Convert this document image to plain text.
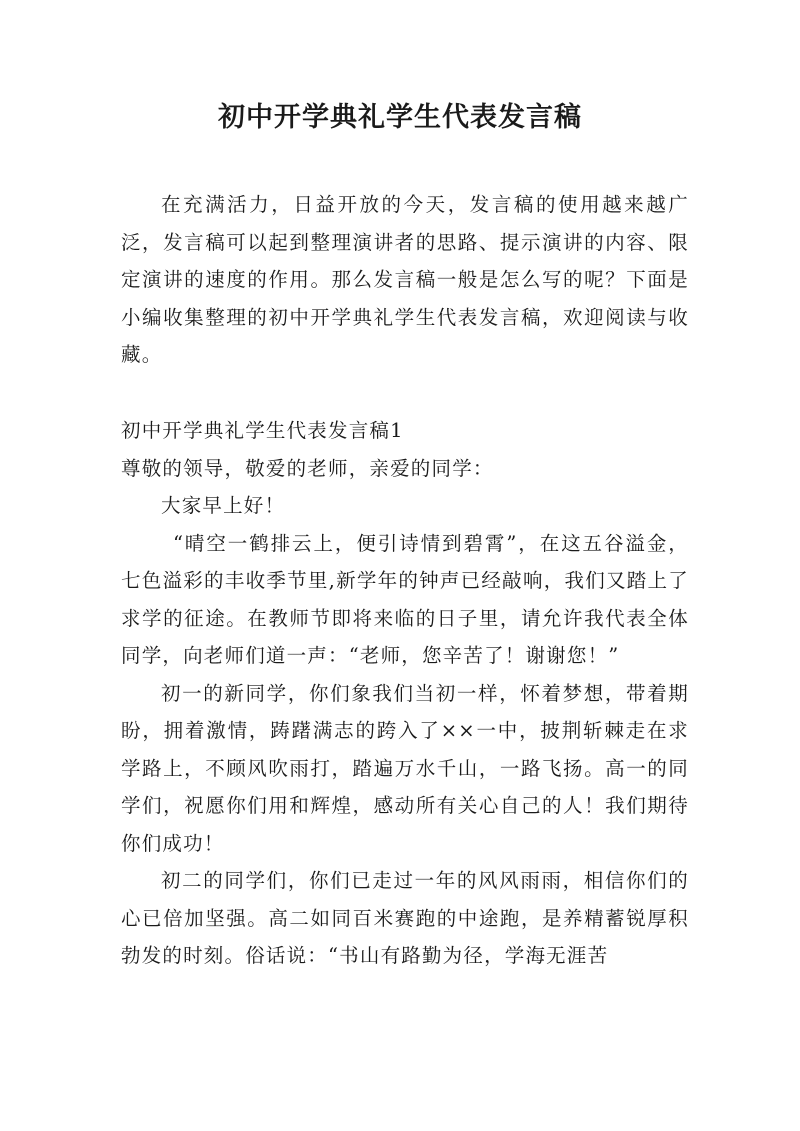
初中开学典礼学生代表发言稿

在充满活力，日益开放的今天，发言稿的使用越来越广泛，发言稿可以起到整理演讲者的思路、提示演讲的内容、限定演讲的速度的作用。那么发言稿一般是怎么写的呢？下面是小编收集整理的初中开学典礼学生代表发言稿，欢迎阅读与收藏。

初中开学典礼学生代表发言稿1

尊敬的领导，敬爱的老师，亲爱的同学：

大家早上好！

“晴空一鹤排云上，便引诗情到碧霄”，在这五谷溢金，七色溢彩的丰收季节里,新学年的钟声已经敲响，我们又踏上了求学的征途。在教师节即将来临的日子里，请允许我代表全体同学，向老师们道一声：“老师，您辛苦了！谢谢您！”

初一的新同学，你们象我们当初一样，怀着梦想，带着期盼，拥着激情，踌躇满志的跨入了××一中，披荆斩棘走在求学路上，不顾风吹雨打，踏遍万水千山，一路飞扬。高一的同学们，祝愿你们用和辉煌，感动所有关心自己的人！我们期待你们成功！

初二的同学们，你们已走过一年的风风雨雨，相信你们的心已倍加坚强。高二如同百米赛跑的中途跑，是养精蓄锐厚积勃发的时刻。俗话说：“书山有路勤为径，学海无涯苦
